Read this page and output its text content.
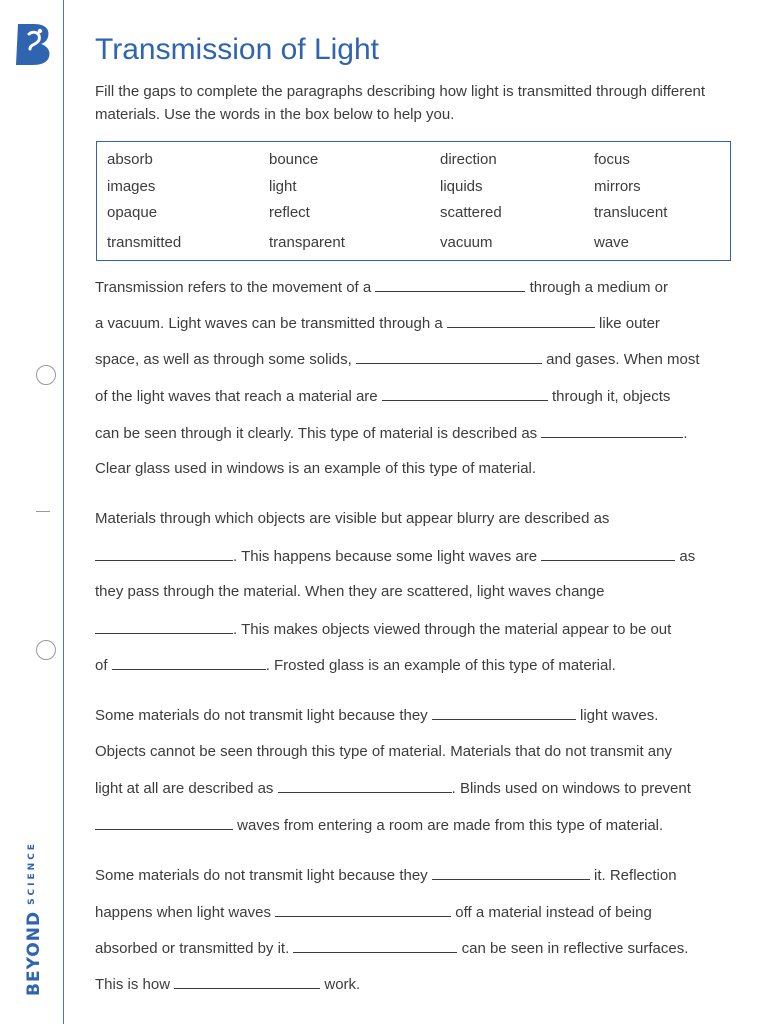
$BEYOND^{SCIENCE}$
Transmission of Light

Fill the gaps to complete the paragraphs describing how light is transmitted through different materials. Use the words in the box below to help you.

absorb	bounce	direction	focus
images	light	liquids	mirrors
opaque	reflect	scattered	translucent
transmitted	transparent	vacuum	wave

Transmission refers to the movement of a	through a medium or

a vacuum. Light waves can be transmitted through a	like outer

space, as well as through some solids,	and gases. When most

of the light waves that reach a material are	through it, objects

can be seen through it clearly. This type of material is described as	.

Clear glass used in windows is an example of this type of material.

Materials through which objects are visible but appear blurry are described as

. This happens because some light waves are	as

they pass through the material. When they are scattered, light waves change

. This makes objects viewed through the material appear to be out

of	. Frosted glass is an example of this type of material.

Some materials do not transmit light because they	light waves.

Objects cannot be seen through this type of material. Materials that do not transmit any

light at all are described as	. Blinds used on windows to prevent

waves from entering a room are made from this type of material.

Some materials do not transmit light because they	it. Reflection

happens when light waves	off a material instead of being

absorbed or transmitted by it.	can be seen in reflective surfaces.

This is how	work.
